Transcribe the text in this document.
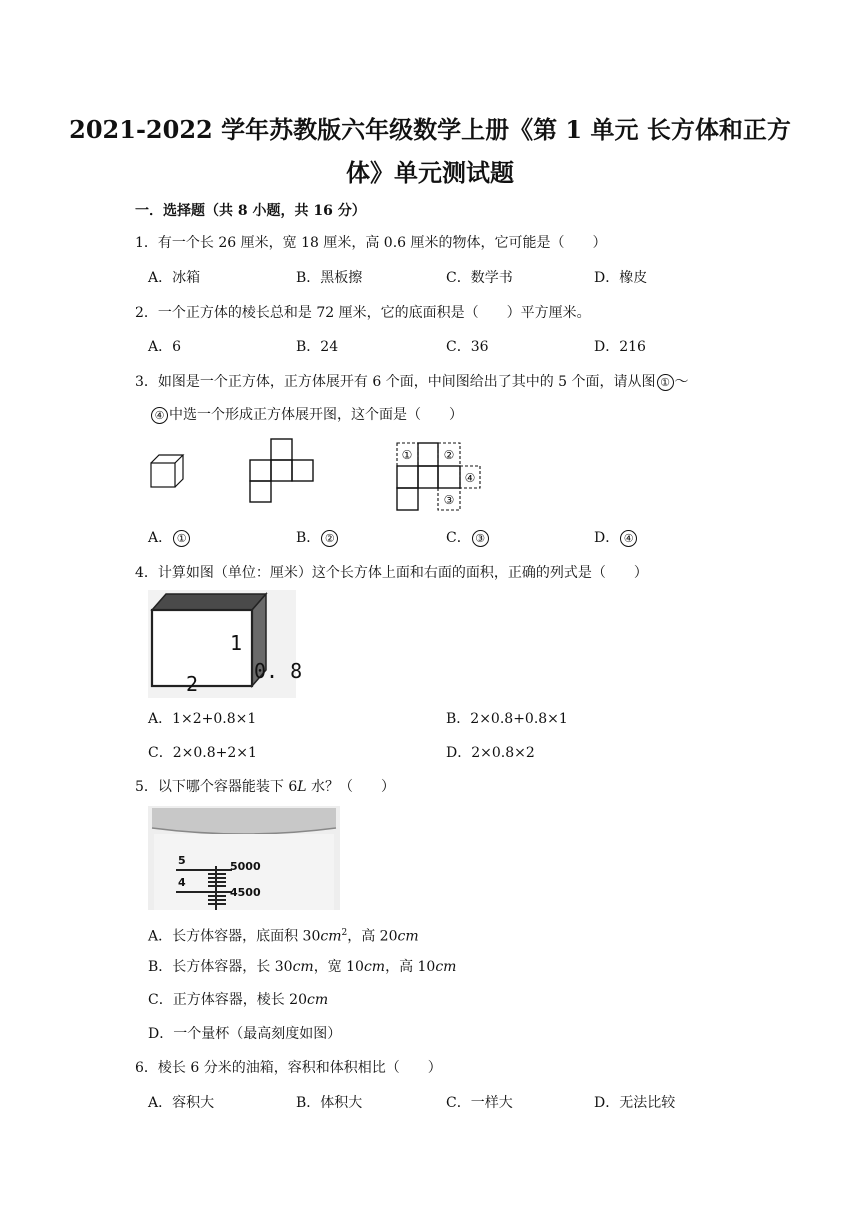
2021-2022 学年苏教版六年级数学上册《第 1 单元 长方体和正方
体》单元测试题
一．选择题（共 8 小题，共 16 分）
1．有一个长 26 厘米，宽 18 厘米，高 0.6 厘米的物体，它可能是（　　）
A．冰箱	B．黑板擦	C．数学书	D．橡皮
2．一个正方体的棱长总和是 72 厘米，它的底面积是（　　）平方厘米。
A．6	B．24	C．36	D．216
3．如图是一个正方体，正方体展开有 6 个面，中间图给出了其中的 5 个面，请从图 ① ～
④ 中选一个形成正方体展开图，这个面是（　　）
①	②
④
③
A． ①	B． ②	C． ③	D． ④
4．计算如图（单位：厘米）这个长方体上面和右面的面积，正确的列式是（　　）
1
0. 8
2
A．1×2+0.8×1	B．2×0.8+0.8×1
C．2×0.8+2×1	D．2×0.8×2
5．以下哪个容器能装下 6L 水？（　　）
5
4
5000
4500
A．长方体容器，底面积 $30cm^2$，高 20cm
B．长方体容器，长 30cm，宽 10cm，高 10cm
C．正方体容器，棱长 20cm
D．一个量杯（最高刻度如图）
6．棱长 6 分米的油箱，容积和体积相比（　　）
A．容积大	B．体积大	C．一样大	D．无法比较
